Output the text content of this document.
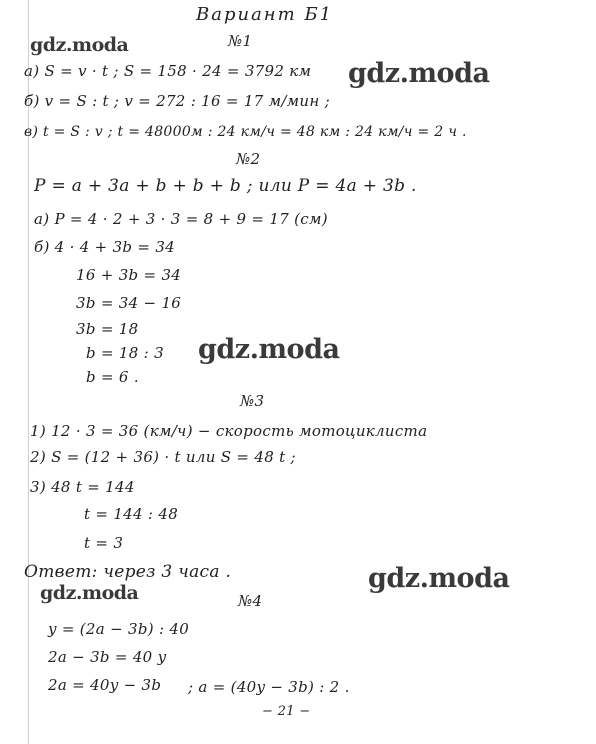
Вариант Б1
№1
а) S = v · t ; S = 158 · 24 = 3792 км
б) v = S : t ; v = 272 : 16 = 17 м/мин ;
в) t = S : v ; t = 48000м : 24 км/ч = 48 км : 24 км/ч = 2 ч .
№2
P = a + 3a + b + b + b ; или P = 4a + 3b .
а) P = 4 · 2 + 3 · 3 = 8 + 9 = 17 (см)
б) 4 · 4 + 3b = 34
16 + 3b = 34
3b = 34 − 16
3b = 18
b = 18 : 3
b = 6 .
№3
1) 12 · 3 = 36 (км/ч) − скорость мотоциклиста
2) S = (12 + 36) · t или S = 48 t ;
3) 48 t = 144
t = 144 : 48
t = 3
Ответ: через 3 часа .
№4
y = (2a − 3b) : 40
2a − 3b = 40 y
2a = 40y − 3b ; a = (40y − 3b) : 2 .
− 21 −
gdz.moda
gdz.moda
gdz.moda
gdz.moda
gdz.moda
